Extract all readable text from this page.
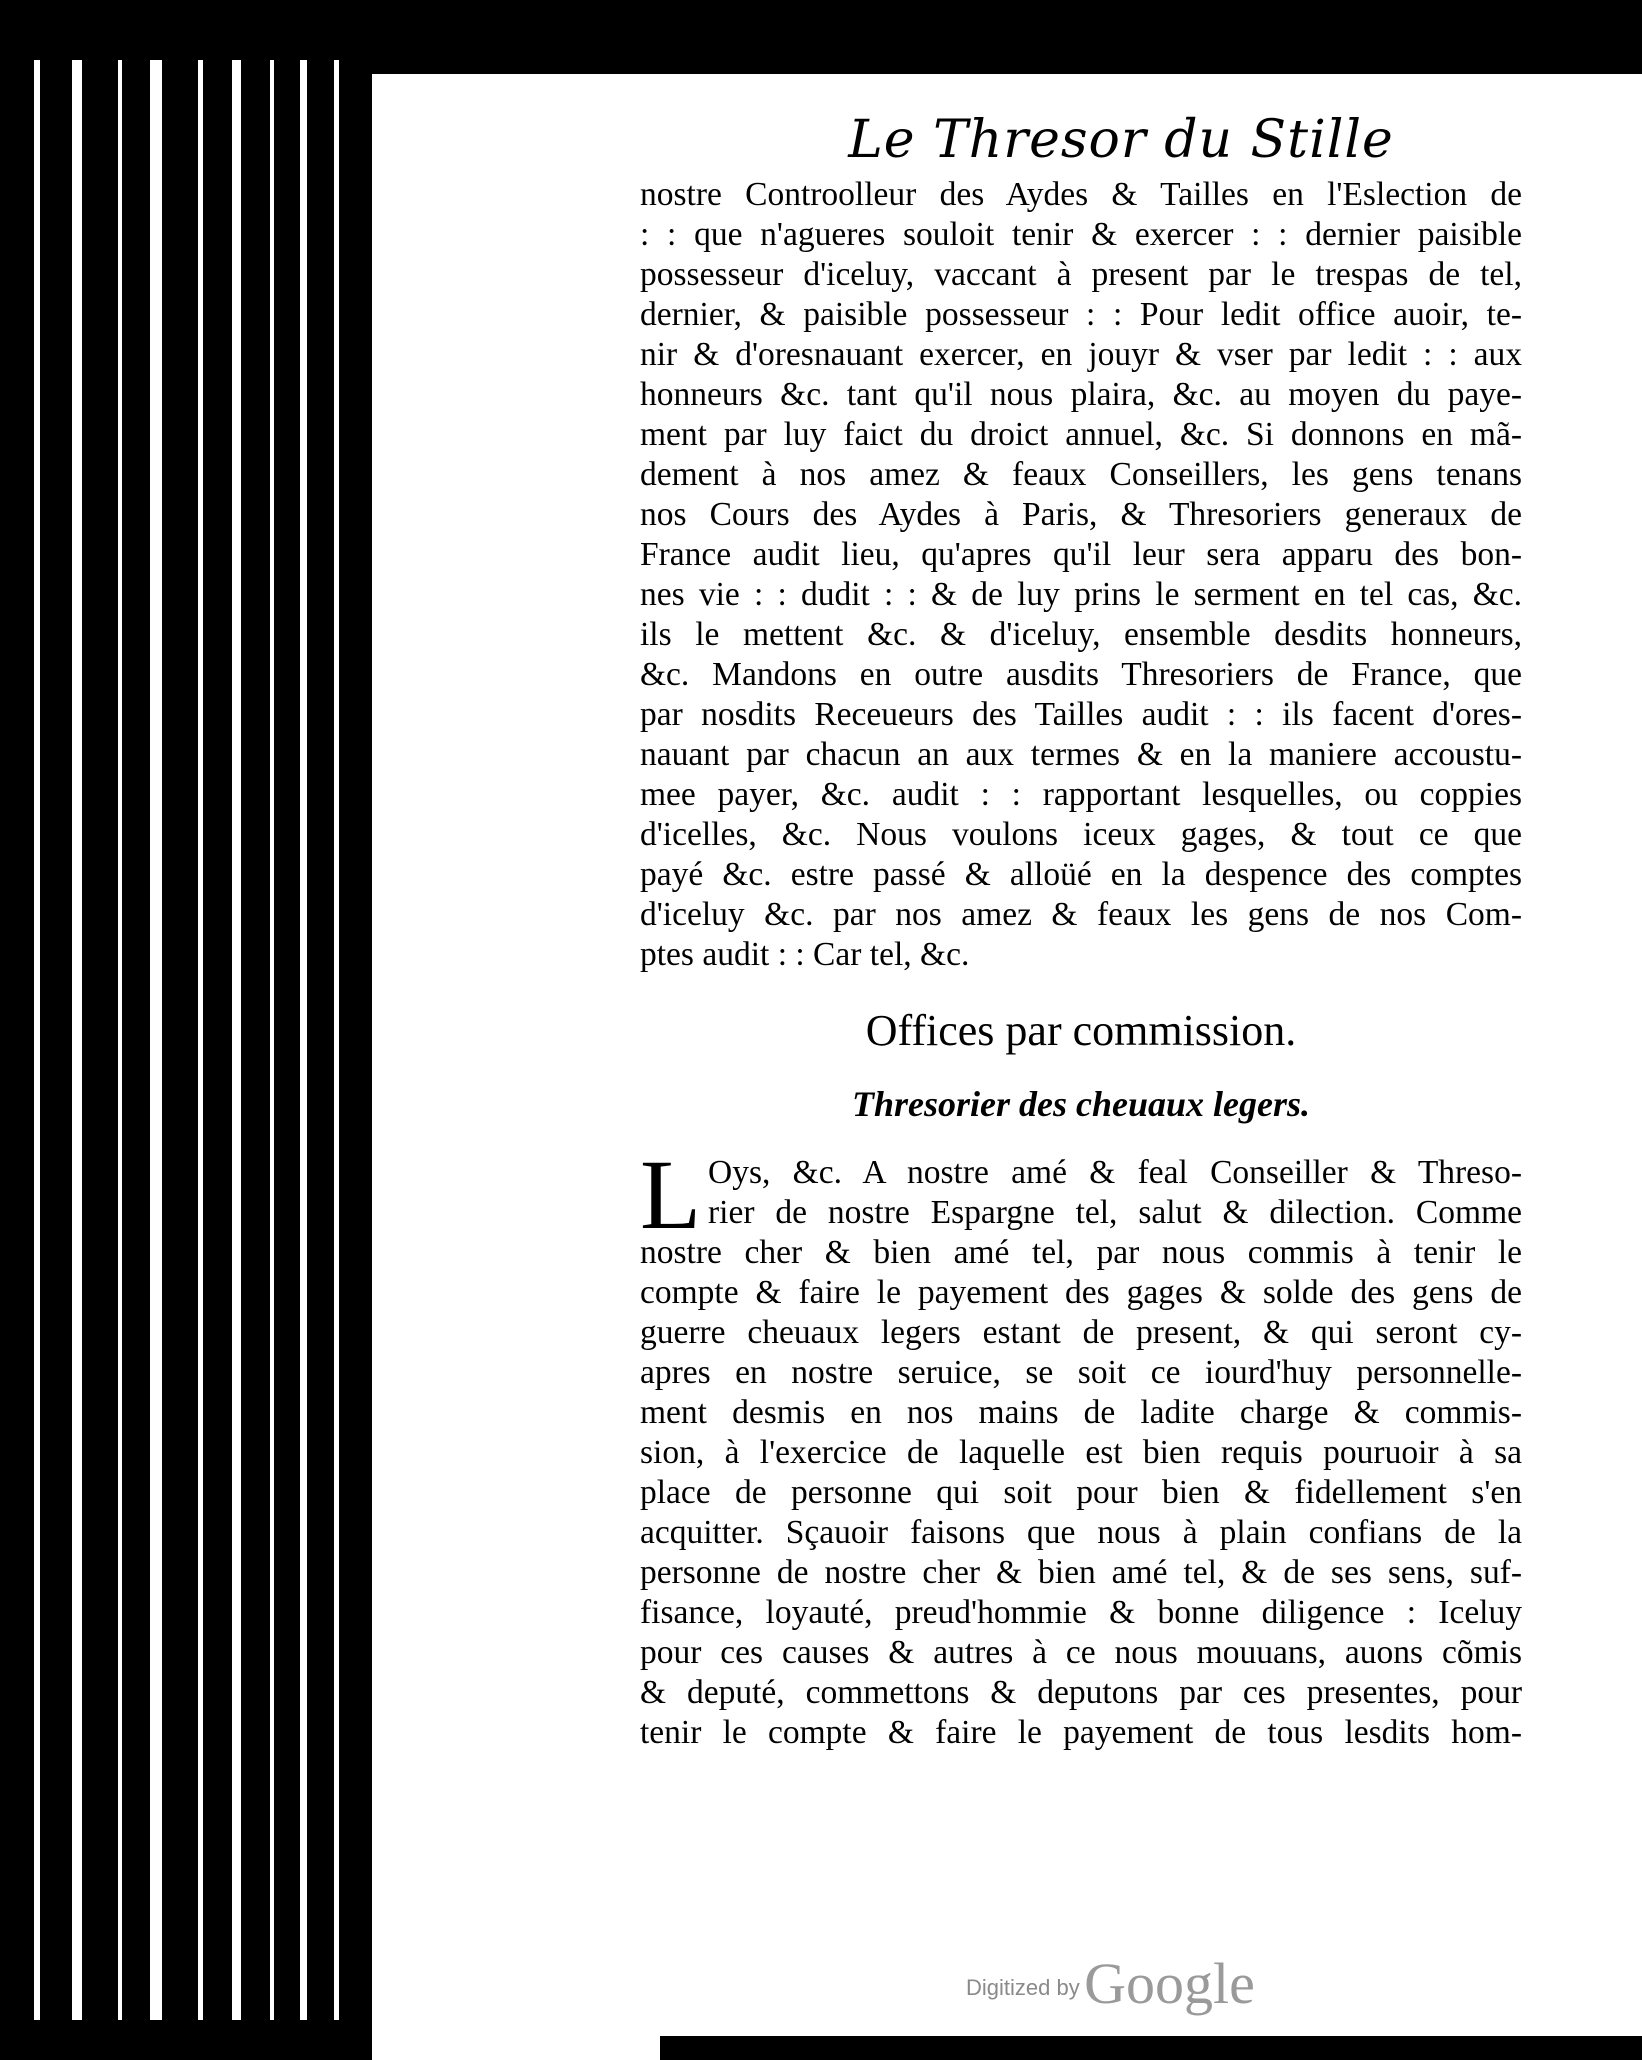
Le Thresor du Stille
nostre Controolleur des Aydes & Tailles en l'Eslection de
: : que n'agueres souloit tenir & exercer : : dernier paisible
possesseur d'iceluy, vaccant à present par le trespas de tel,
dernier, & paisible possesseur : : Pour ledit office auoir, te-
nir & d'oresnauant exercer, en jouyr & vser par ledit : : aux
honneurs &c. tant qu'il nous plaira, &c. au moyen du paye-
ment par luy faict du droict annuel, &c. Si donnons en mã-
dement à nos amez & feaux Conseillers, les gens tenans
nos Cours des Aydes à Paris, & Thresoriers generaux de
France audit lieu, qu'apres qu'il leur sera apparu des bon-
nes vie : : dudit : : & de luy prins le serment en tel cas, &c.
ils le mettent &c. & d'iceluy, ensemble desdits honneurs,
&c. Mandons en outre ausdits Thresoriers de France, que
par nosdits Receueurs des Tailles audit : : ils facent d'ores-
nauant par chacun an aux termes & en la maniere accoustu-
mee payer, &c. audit : : rapportant lesquelles, ou coppies
d'icelles, &c. Nous voulons iceux gages, & tout ce que
payé &c. estre passé & alloüé en la despence des comptes
d'iceluy &c. par nos amez & feaux les gens de nos Com-
ptes audit : : Car tel, &c.
Offices par commission.
Thresorier des cheuaux legers.
L Oys, &c. A nostre amé & feal Conseiller & Threso-
rier de nostre Espargne tel, salut & dilection. Comme
nostre cher & bien amé tel, par nous commis à tenir le
compte & faire le payement des gages & solde des gens de
guerre cheuaux legers estant de present, & qui seront cy-
apres en nostre seruice, se soit ce iourd'huy personnelle-
ment desmis en nos mains de ladite charge & commis-
sion, à l'exercice de laquelle est bien requis pouruoir à sa
place de personne qui soit pour bien & fidellement s'en
acquitter. Sçauoir faisons que nous à plain confians de la
personne de nostre cher & bien amé tel, & de ses sens, suf-
fisance, loyauté, preud'hommie & bonne diligence : Iceluy
pour ces causes & autres à ce nous mouuans, auons cõmis
& deputé, commettons & deputons par ces presentes, pour
tenir le compte & faire le payement de tous lesdits hom-
Digitized by Google
